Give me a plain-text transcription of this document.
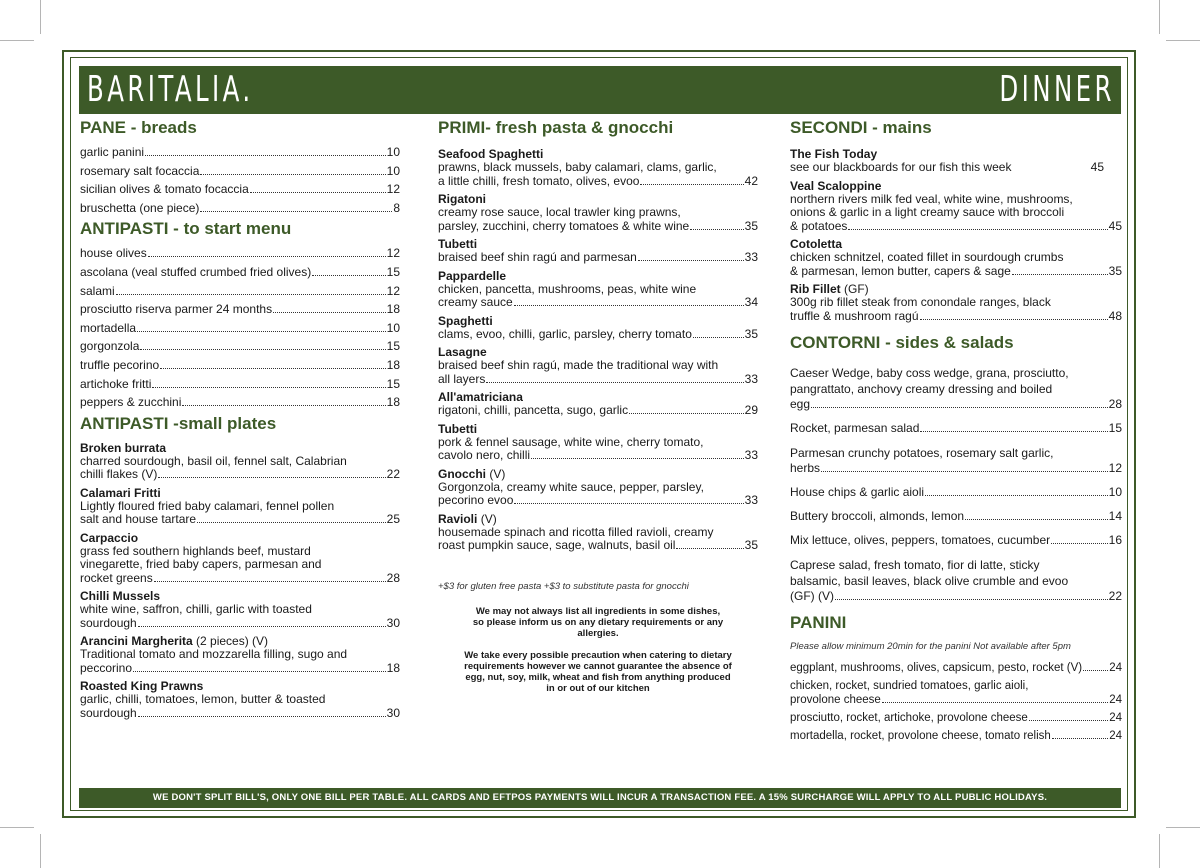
BARITALIA.	DINNER
PANE - breads
garlic panini	10
rosemary salt focaccia	10
sicilian olives & tomato focaccia	12
bruschetta (one piece)	8
ANTIPASTI - to start menu
house olives	12
ascolana (veal stuffed crumbed fried olives)	15
salami	12
prosciutto riserva parmer 24 months	18
mortadella	10
gorgonzola	15
truffle pecorino	18
artichoke fritti	15
peppers & zucchini	18
ANTIPASTI -small plates
Broken burrata
charred sourdough, basil oil, fennel salt, Calabrian
chilli flakes (V)	22
Calamari Fritti
Lightly floured fried baby calamari, fennel pollen
salt and house tartare	25
Carpaccio
grass fed southern highlands beef, mustard
vinegarette, fried baby capers, parmesan and
rocket greens	28
Chilli Mussels
white wine, saffron, chilli, garlic with toasted
sourdough	30
Arancini Margherita (2 pieces) (V)
Traditional tomato and mozzarella filling, sugo and
peccorino	18
Roasted King Prawns
garlic, chilli, tomatoes, lemon, butter & toasted
sourdough	30
PRIMI- fresh pasta & gnocchi
Seafood Spaghetti
prawns, black mussels, baby calamari, clams, garlic,
a little chilli, fresh tomato, olives, evoo	42
Rigatoni
creamy rose sauce, local trawler king prawns,
parsley, zucchini, cherry tomatoes & white wine	35
Tubetti
braised beef shin ragú and parmesan	33
Pappardelle
chicken, pancetta, mushrooms, peas, white wine
creamy sauce	34
Spaghetti
clams, evoo, chilli, garlic, parsley, cherry tomato	35
Lasagne
braised beef shin ragú, made the traditional way with
all layers	33
All'amatriciana
rigatoni, chilli, pancetta, sugo, garlic	29
Tubetti
pork & fennel sausage, white wine, cherry tomato,
cavolo nero, chilli	33
Gnocchi (V)
Gorgonzola, creamy white sauce, pepper, parsley,
pecorino evoo	33
Ravioli (V)
housemade spinach and ricotta filled ravioli, creamy
roast pumpkin sauce, sage, walnuts, basil oil	35
+$3 for gluten free pasta +$3 to substitute pasta for gnocchi
We may not always list all ingredients in some dishes,
so please inform us on any dietary requirements or any
allergies.
We take every possible precaution when catering to dietary
requirements however we cannot guarantee the absence of
egg, nut, soy, milk, wheat and fish from anything produced
in or out of our kitchen
SECONDI - mains
The Fish Today
see our blackboards for our fish this week	45
Veal Scaloppine
northern rivers milk fed veal, white wine, mushrooms,
onions & garlic in a light creamy sauce with broccoli
& potatoes	45
Cotoletta
chicken schnitzel, coated fillet in sourdough crumbs
& parmesan, lemon butter, capers & sage	35
Rib Fillet (GF)
300g rib fillet steak from conondale ranges, black
truffle & mushroom ragú	48
CONTORNI - sides & salads
Caeser Wedge, baby coss wedge, grana, prosciutto,
pangrattato, anchovy creamy dressing and boiled
egg	28
Rocket, parmesan salad	15
Parmesan crunchy potatoes, rosemary salt garlic,
herbs	12
House chips & garlic aioli	10
Buttery broccoli, almonds, lemon	14
Mix lettuce, olives, peppers, tomatoes, cucumber	16
Caprese salad, fresh tomato, fior di latte, sticky
balsamic, basil leaves, black olive crumble and evoo
(GF) (V)	22
PANINI
Please allow minimum 20min for the panini Not available after 5pm
eggplant, mushrooms, olives, capsicum, pesto, rocket (V) 24
chicken, rocket, sundried tomatoes, garlic aioli,
provolone cheese	24
prosciutto, rocket, artichoke, provolone cheese	24
mortadella, rocket, provolone cheese, tomato relish	24
WE DON'T SPLIT BILL'S, ONLY ONE BILL PER TABLE. ALL CARDS AND EFTPOS PAYMENTS WILL INCUR A TRANSACTION FEE. A 15% SURCHARGE WILL APPLY TO ALL PUBLIC HOLIDAYS.
